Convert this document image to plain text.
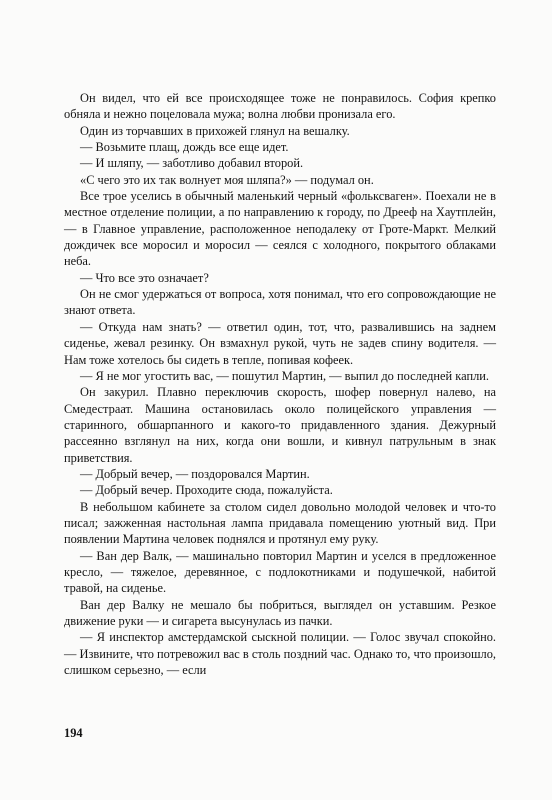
Он видел, что ей все происходящее тоже не понравилось. София крепко обняла и нежно поцеловала мужа; волна любви пронизала его.

Один из торчавших в прихожей глянул на вешалку.

— Возьмите плащ, дождь все еще идет.

— И шляпу, — заботливо добавил второй.

«С чего это их так волнует моя шляпа?» — подумал он.

Все трое уселись в обычный маленький черный «фольксваген». Поехали не в местное отделение полиции, а по направлению к городу, по Дрееф на Хаутплейн, — в Главное управление, расположенное неподалеку от Гроте-Маркт. Мелкий дождичек все моросил и моросил — сеялся с холодного, покрытого облаками неба.

— Что все это означает?

Он не смог удержаться от вопроса, хотя понимал, что его сопровождающие не знают ответа.

— Откуда нам знать? — ответил один, тот, что, развалившись на заднем сиденье, жевал резинку. Он взмахнул рукой, чуть не задев спину водителя. — Нам тоже хотелось бы сидеть в тепле, попивая кофеек.

— Я не мог угостить вас, — пошутил Мартин, — выпил до последней капли.

Он закурил. Плавно переключив скорость, шофер повернул налево, на Смедестраат. Машина остановилась около полицейского управления — старинного, обшарпанного и какого-то придавленного здания. Дежурный рассеянно взглянул на них, когда они вошли, и кивнул патрульным в знак приветствия.

— Добрый вечер, — поздоровался Мартин.

— Добрый вечер. Проходите сюда, пожалуйста.

В небольшом кабинете за столом сидел довольно молодой человек и что-то писал; зажженная настольная лампа придавала помещению уютный вид. При появлении Мартина человек поднялся и протянул ему руку.

— Ван дер Валк, — машинально повторил Мартин и уселся в предложенное кресло, — тяжелое, деревянное, с подлокотниками и подушечкой, набитой травой, на сиденье.

Ван дер Валку не мешало бы побриться, выглядел он уставшим. Резкое движение руки — и сигарета высунулась из пачки.

— Я инспектор амстердамской сыскной полиции. — Голос звучал спокойно. — Извините, что потревожил вас в столь поздний час. Однако то, что произошло, слишком серьезно, — если

194
